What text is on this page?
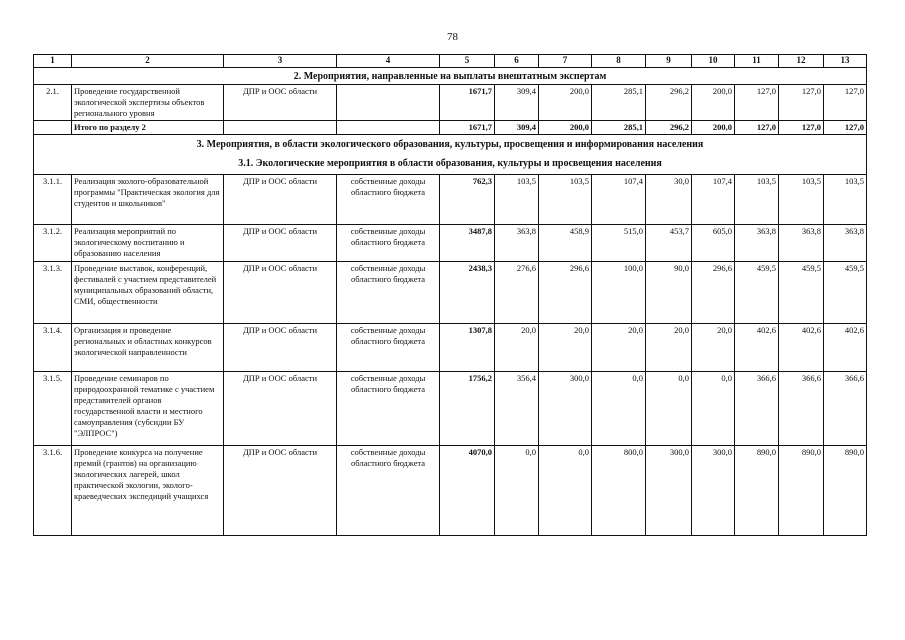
78
1	2	3	4	5	6	7	8	9	10	11	12	13
2. Мероприятия, направленные на выплаты внештатным экспертам												
2.1.	Проведение государственной экологической экспертизы объектов регионального уровня	ДПР и ООС области		1671,7	309,4	200,0	285,1	296,2	200,0	127,0	127,0	127,0
	Итого по разделу 2			1671,7	309,4	200,0	285,1	296,2	200,0	127,0	127,0	127,0

3. Мероприятия, в области экологического образования, культуры, просвещения и информирования населения
3.1. Экологические мероприятия в области образования, культуры и просвещения населения												

3.1.1.	Реализация эколого-образовательной программы "Практическая экология для студентов и школьников"	ДПР и ООС области	собственные доходы областного бюджета	762,3	103,5	103,5	107,4	30,0	107,4	103,5	103,5	103,5
3.1.2.	Реализация мероприятий по экологическому воспитанию и образованию населения	ДПР и ООС области	собственные доходы областного бюджета	3487,8	363,8	458,9	515,0	453,7	605,0	363,8	363,8	363,8
3.1.3.	Проведение выставок, конференций, фестивалей с участием представителей муниципальных образований области, СМИ, общественности	ДПР и ООС области	собственные доходы областного бюджета	2438,3	276,6	296,6	100,0	90,0	296,6	459,5	459,5	459,5
3.1.4.	Организация и проведение региональных и областных конкурсов экологической направленности	ДПР и ООС области	собственные доходы областного бюджета	1307,8	20,0	20,0	20,0	20,0	20,0	402,6	402,6	402,6
3.1.5.	Проведение семинаров по природоохранной тематике с участием представителей органов государственной власти и местного самоуправления (субсидии БУ "ЭЛПРОС")	ДПР и ООС области	собственные доходы областного бюджета	1756,2	356,4	300,0	0,0	0,0	0,0	366,6	366,6	366,6
3.1.6.	Проведение конкурса на получение премий (грантов) на организацию экологических лагерей, школ практической экологии, эколого-краеведческих экспедиций учащихся	ДПР и ООС области	собственные доходы областного бюджета	4070,0	0,0	0,0	800,0	300,0	300,0	890,0	890,0	890,0
